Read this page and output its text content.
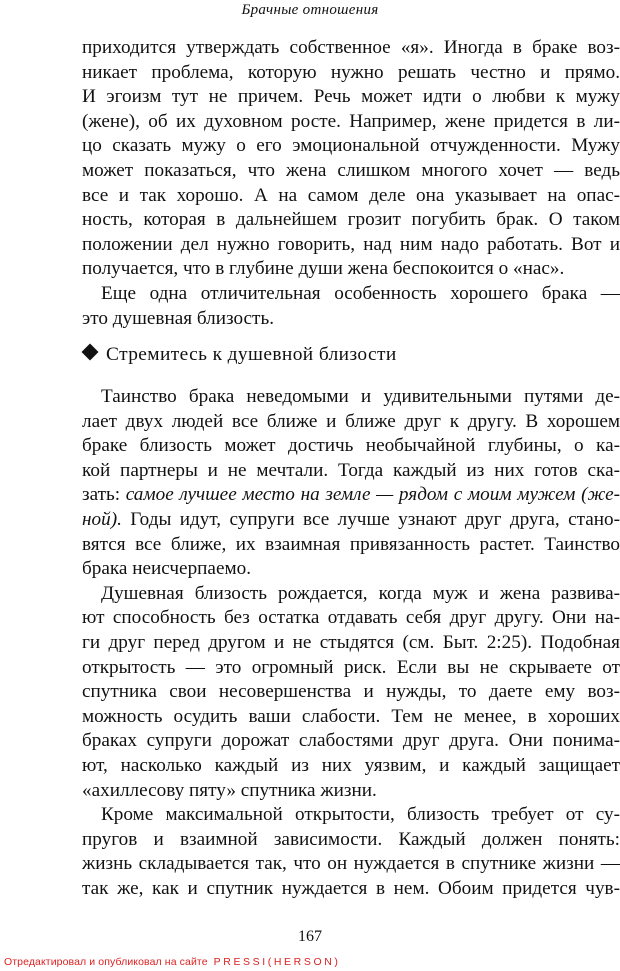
Брачные отношения

приходится утверждать собственное «я». Иногда в браке воз-
никает проблема, которую нужно решать честно и прямо.
И эгоизм тут не причем. Речь может идти о любви к мужу
(жене), об их духовном росте. Например, жене придется в ли-
цо сказать мужу о его эмоциональной отчужденности. Мужу
может показаться, что жена слишком многого хочет — ведь
все и так хорошо. А на самом деле она указывает на опас-
ность, которая в дальнейшем грозит погубить брак. О таком
положении дел нужно говорить, над ним надо работать. Вот и
получается, что в глубине души жена беспокоится о «нас».

Еще одна отличительная особенность хорошего брака —
это душевная близость.

Стремитесь к душевной близости

Таинство брака неведомыми и удивительными путями де-
лает двух людей все ближе и ближе друг к другу. В хорошем
браке близость может достичь необычайной глубины, о ка-
кой партнеры и не мечтали. Тогда каждый из них готов ска-
зать: самое лучшее место на земле — рядом с моим мужем (же-
ной). Годы идут, супруги все лучше узнают друг друга, стано-
вятся все ближе, их взаимная привязанность растет. Таинство
брака неисчерпаемо.

Душевная близость рождается, когда муж и жена развива-
ют способность без остатка отдавать себя друг другу. Они на-
ги друг перед другом и не стыдятся (см. Быт. 2:25). Подобная
открытость — это огромный риск. Если вы не скрываете от
спутника свои несовершенства и нужды, то даете ему воз-
можность осудить ваши слабости. Тем не менее, в хороших
браках супруги дорожат слабостями друг друга. Они понима-
ют, насколько каждый из них уязвим, и каждый защищает
«ахиллесову пяту» спутника жизни.

Кроме максимальной открытости, близость требует от су-
пругов и взаимной зависимости. Каждый должен понять:
жизнь складывается так, что он нуждается в спутнике жизни —
так же, как и спутник нуждается в нем. Обоим придется чув-

167
Отредактировал и опубликовал на сайте PRESSI(HERSON)
